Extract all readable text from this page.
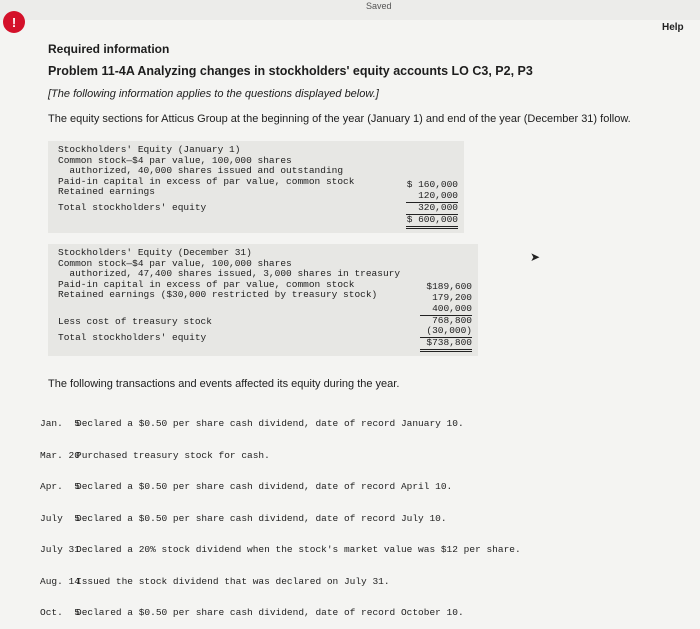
Saved
!	Help
Required information
Problem 11-4A Analyzing changes in stockholders' equity accounts LO C3, P2, P3
[The following information applies to the questions displayed below.]
The equity sections for Atticus Group at the beginning of the year (January 1) and end of the year (December 31) follow.
Stockholders' Equity (January 1)
Common stock—$4 par value, 100,000 shares
authorized, 40,000 shares issued and outstanding
Paid-in capital in excess of par value, common stock
Retained earnings
Total stockholders' equity
$ 160,000
120,000
320,000
$ 600,000
Stockholders' Equity (December 31)
Common stock—$4 par value, 100,000 shares
authorized, 47,400 shares issued, 3,000 shares in treasury
Paid-in capital in excess of par value, common stock
Retained earnings ($30,000 restricted by treasury stock)
Less cost of treasury stock
Total stockholders' equity
$189,600
179,200
400,000
768,800
(30,000)
$738,800
➤
The following transactions and events affected its equity during the year.

Jan.  5
Declared a $0.50 per share cash dividend, date of record January 10.

Mar. 20
Purchased treasury stock for cash.

Apr.  5
Declared a $0.50 per share cash dividend, date of record April 10.

July  5
Declared a $0.50 per share cash dividend, date of record July 10.

July 31
Declared a 20% stock dividend when the stock's market value was $12 per share.

Aug. 14
Issued the stock dividend that was declared on July 31.

Oct.  5
Declared a $0.50 per share cash dividend, date of record October 10.
